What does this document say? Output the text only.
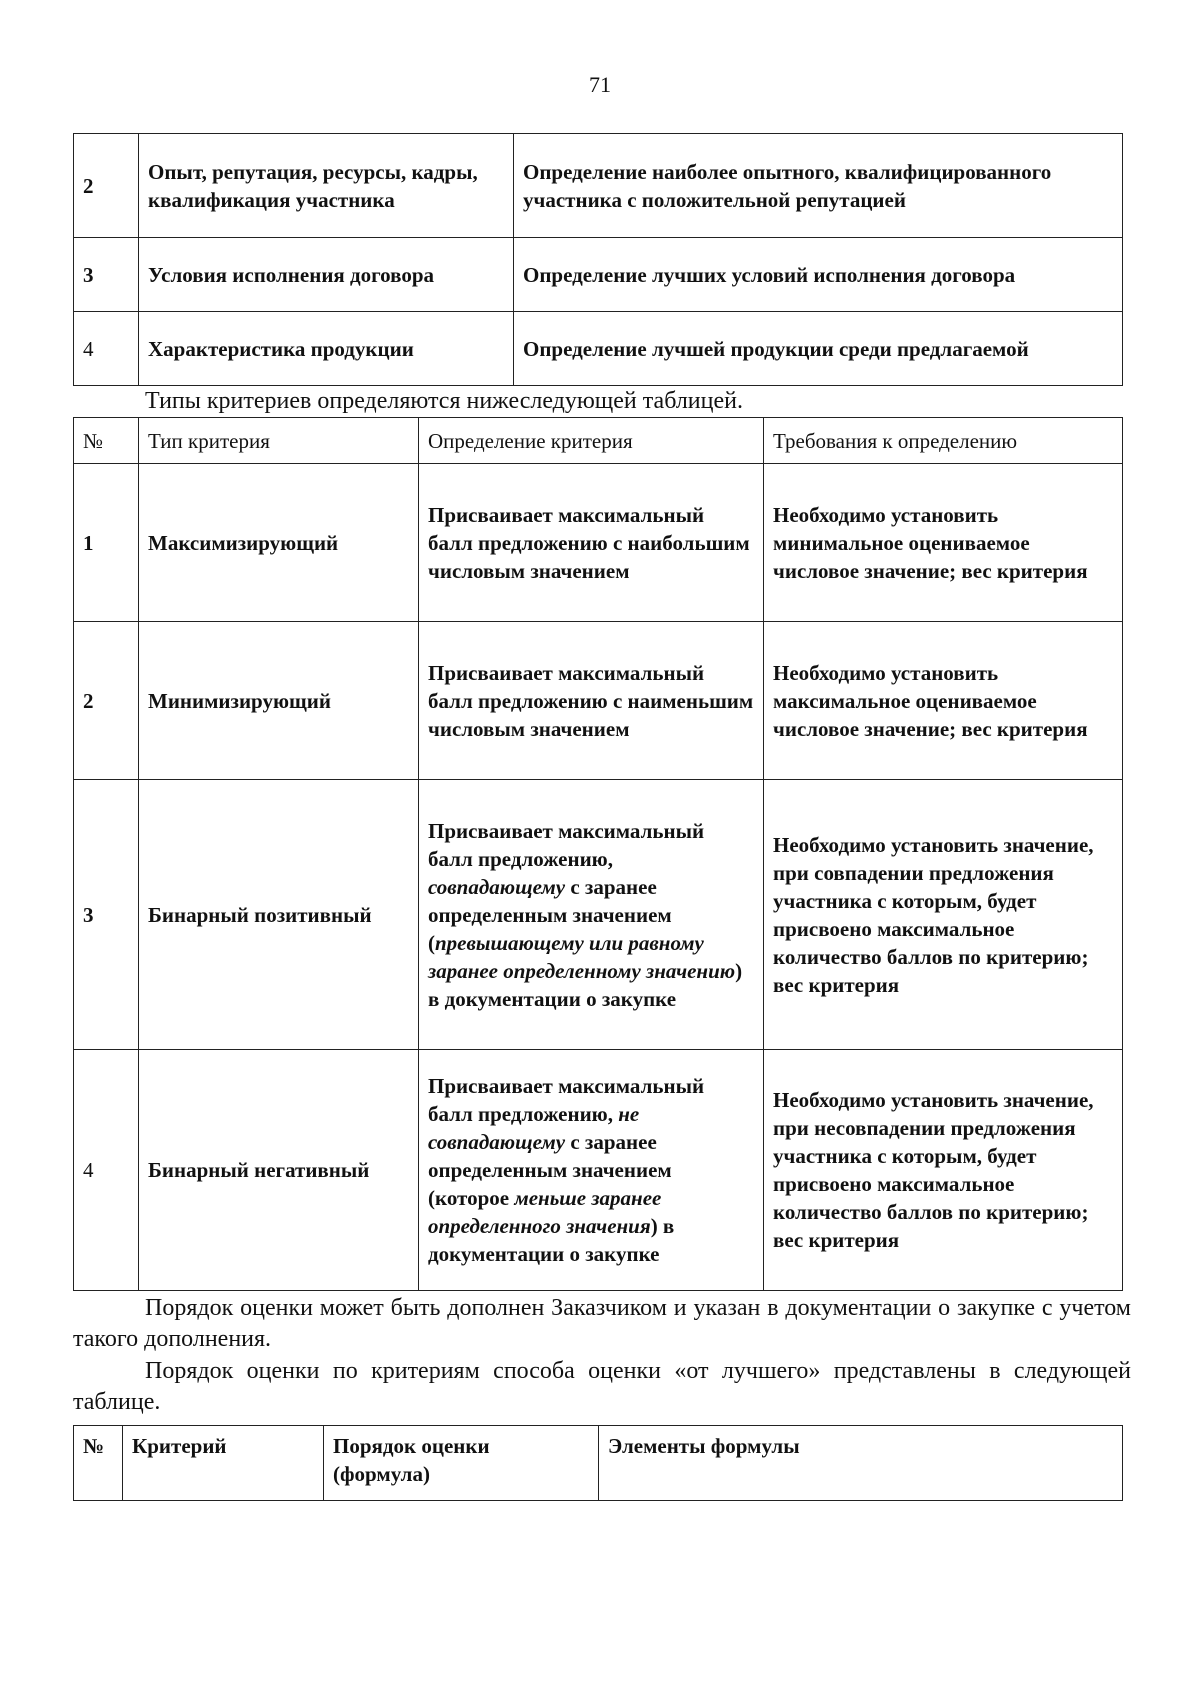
71
2	Опыт, репутация, ресурсы, кадры, квалификация участника	Определение наиболее опытного, квалифицированного участника с положительной репутацией
3	Условия исполнения договора	Определение лучших условий исполнения договора
4	Характеристика продукции	Определение лучшей продукции среди предлагаемой
Типы критериев определяются нижеследующей таблицей.
№	Тип критерия	Определение критерия	Требования к определению
1	Максимизирующий	Присваивает максимальный балл предложению с наибольшим числовым значением	Необходимо установить минимальное оцениваемое числовое значение; вес критерия
2	Минимизирующий	Присваивает максимальный балл предложению с наименьшим числовым значением	Необходимо установить максимальное оцениваемое числовое значение; вес критерия
3	Бинарный позитивный	Присваивает максимальный балл предложению, совпадающему с заранее определенным значением (превышающему или равному заранее определенному значению) в документации о закупке	Необходимо установить значение, при совпадении предложения участника с которым, будет присвоено максимальное количество баллов по критерию; вес критерия
4	Бинарный негативный	Присваивает максимальный балл предложению, не совпадающему с заранее определенным значением (которое меньше заранее определенного значения) в документации о закупке	Необходимо установить значение, при несовпадении предложения участника с которым, будет присвоено максимальное количество баллов по критерию; вес критерия
Порядок оценки может быть дополнен Заказчиком и указан в документации о закупке с учетом такого дополнения.
Порядок оценки по критериям способа оценки «от лучшего» представлены в следующей таблице.
№	Критерий	Порядок оценки (формула)	Элементы формулы
